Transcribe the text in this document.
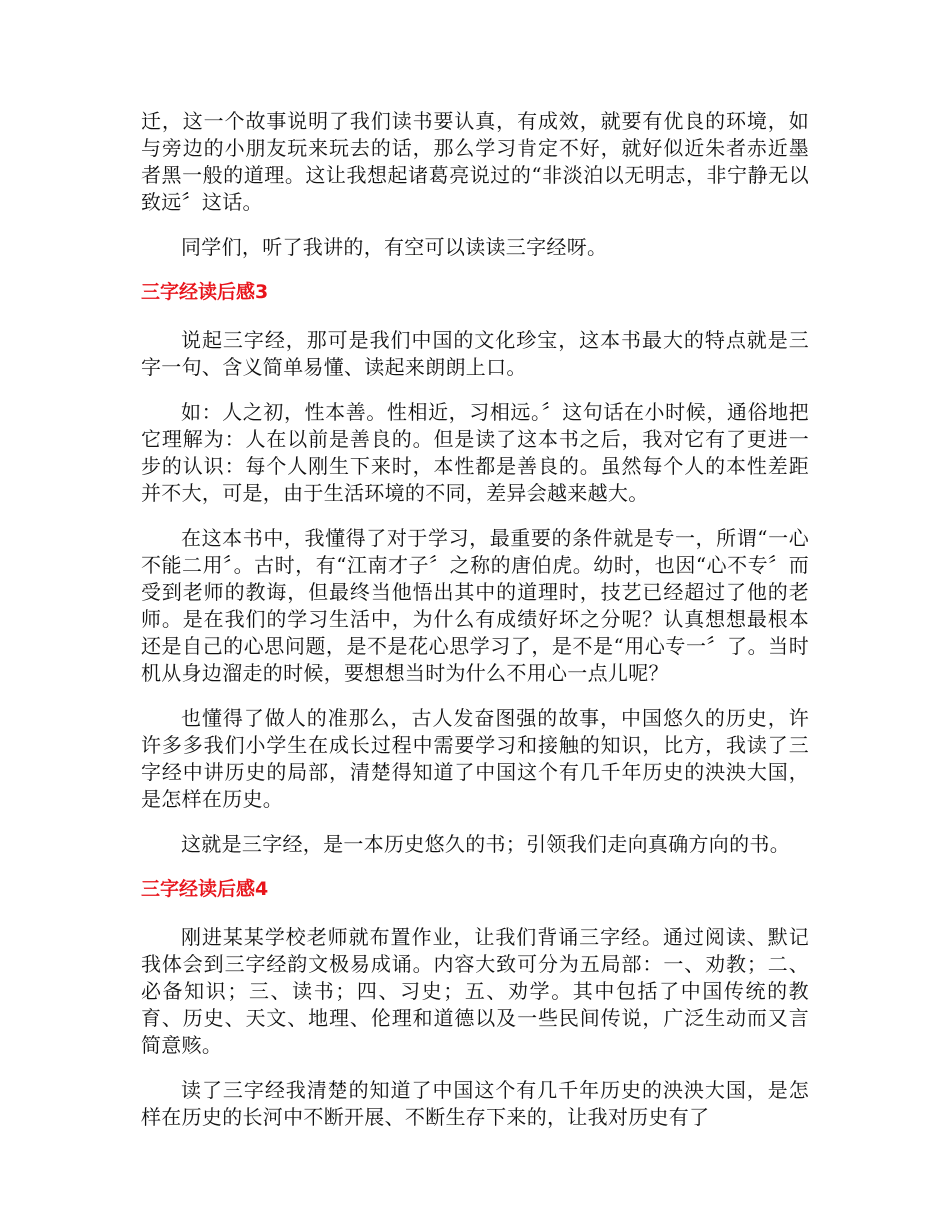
迁，这一个故事说明了我们读书要认真，有成效，就要有优良的环境，如与旁边的小朋友玩来玩去的话，那么学习肯定不好，就好似近朱者赤近墨者黑一般的道理。这让我想起诸葛亮说过的“非淡泊以无明志，非宁静无以致远〞这话。

同学们，听了我讲的，有空可以读读三字经呀。

三字经读后感3

说起三字经，那可是我们中国的文化珍宝，这本书最大的特点就是三字一句、含义简单易懂、读起来朗朗上口。

如：人之初，性本善。性相近，习相远。〞这句话在小时候，通俗地把它理解为：人在以前是善良的。但是读了这本书之后，我对它有了更进一步的认识：每个人刚生下来时，本性都是善良的。虽然每个人的本性差距并不大，可是，由于生活环境的不同，差异会越来越大。

在这本书中，我懂得了对于学习，最重要的条件就是专一，所谓“一心不能二用〞。古时，有“江南才子〞之称的唐伯虎。幼时，也因“心不专〞而受到老师的教诲，但最终当他悟出其中的道理时，技艺已经超过了他的老师。是在我们的学习生活中，为什么有成绩好坏之分呢？认真想想最根本还是自己的心思问题，是不是花心思学习了，是不是“用心专一〞了。当时机从身边溜走的时候，要想想当时为什么不用心一点儿呢？

也懂得了做人的准那么，古人发奋图强的故事，中国悠久的历史，许许多多我们小学生在成长过程中需要学习和接触的知识，比方，我读了三字经中讲历史的局部，清楚得知道了中国这个有几千年历史的泱泱大国，是怎样在历史。

这就是三字经，是一本历史悠久的书；引领我们走向真确方向的书。

三字经读后感4

刚进某某学校老师就布置作业，让我们背诵三字经。通过阅读、默记我体会到三字经韵文极易成诵。内容大致可分为五局部：一、劝教；二、必备知识；三、读书；四、习史；五、劝学。其中包括了中国传统的教育、历史、天文、地理、伦理和道德以及一些民间传说，广泛生动而又言简意赅。

读了三字经我清楚的知道了中国这个有几千年历史的泱泱大国，是怎样在历史的长河中不断开展、不断生存下来的，让我对历史有了
